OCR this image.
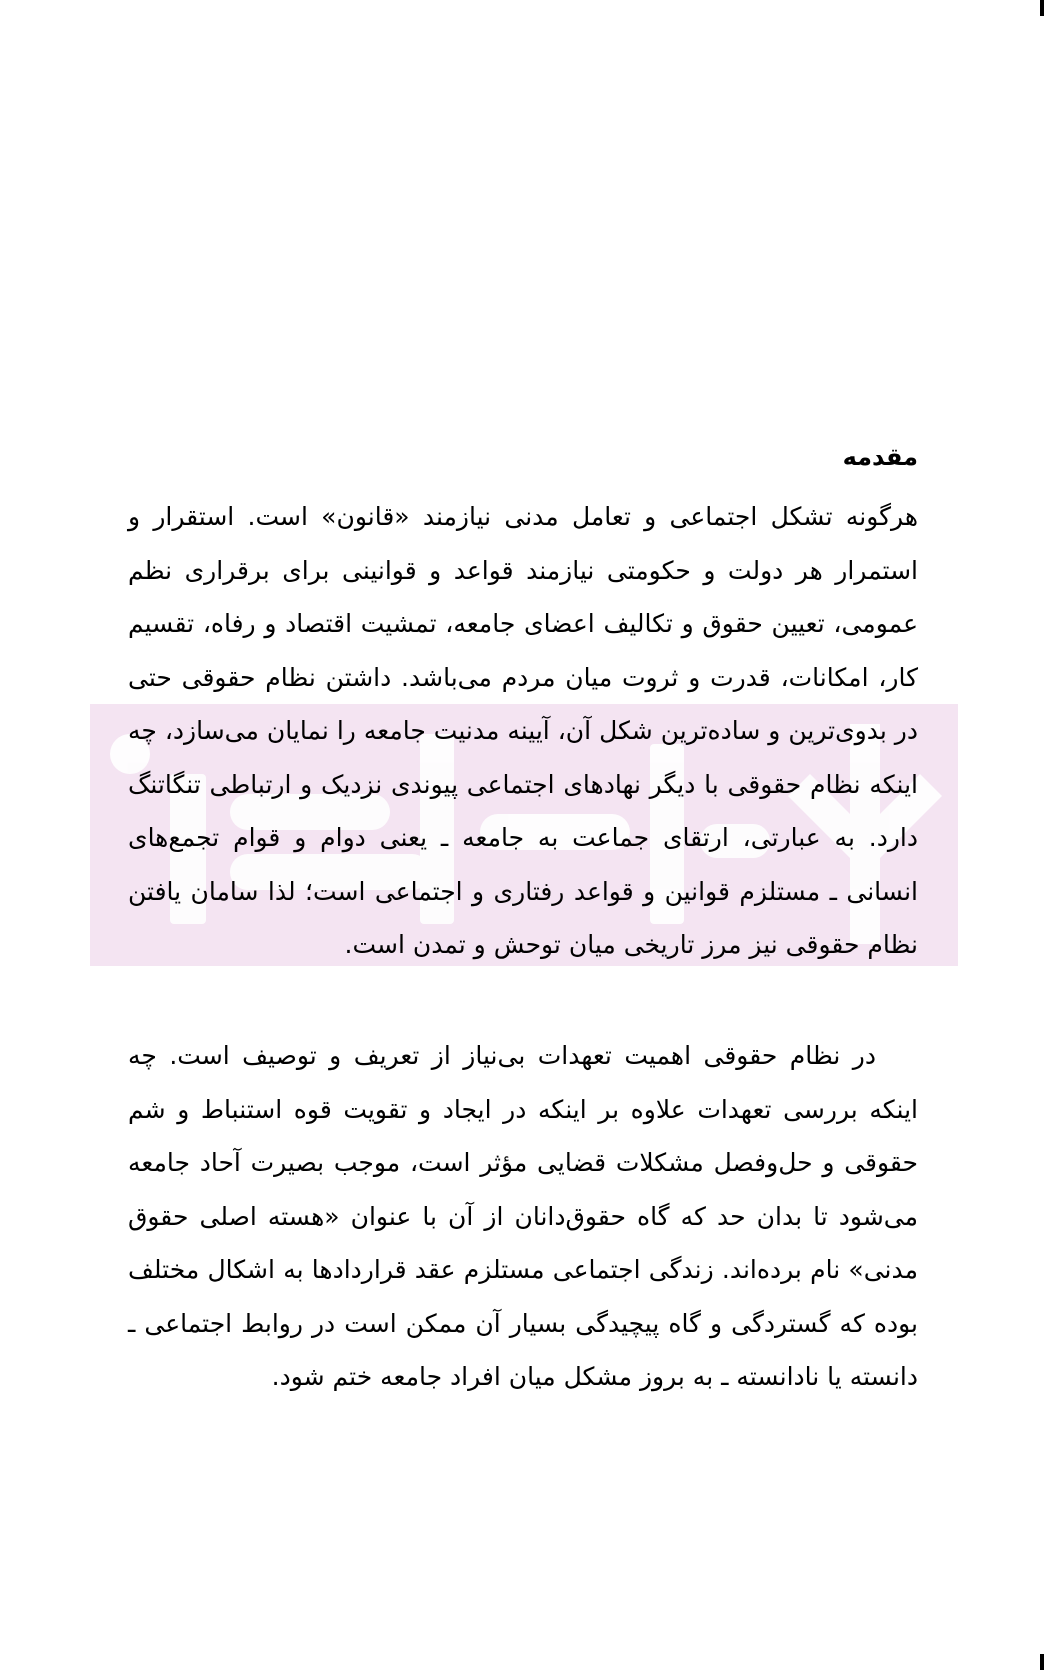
مقدمه

هرگونه تشکل اجتماعی و تعامل مدنی نیازمند «قانون» است. استقرار و استمرار هر دولت و حکومتی نیازمند قواعد و قوانینی برای برقراری نظم عمومی، تعیین حقوق و تکالیف اعضای جامعه، تمشیت اقتصاد و رفاه، تقسیم کار، امکانات، قدرت و ثروت میان مردم می‌باشد. داشتن نظام حقوقی حتی در بدوی‌ترین و ساده‌ترین شکل آن، آیینه مدنیت جامعه را نمایان می‌سازد، چه اینکه نظام حقوقی با دیگر نهادهای اجتماعی پیوندی نزدیک و ارتباطی تنگاتنگ دارد. به عبارتی، ارتقای جماعت به جامعه ـ یعنی دوام و قوام تجمع‌های انسانی ـ مستلزم قوانین و قواعد رفتاری و اجتماعی است؛ لذا سامان یافتن نظام حقوقی نیز مرز تاریخی میان توحش و تمدن است.

در نظام حقوقی اهمیت تعهدات بی‌نیاز از تعریف و توصیف است. چه اینکه بررسی تعهدات علاوه بر اینکه در ایجاد و تقویت قوه استنباط و شم حقوقی و حل‌وفصل مشکلات قضایی مؤثر است، موجب بصیرت آحاد جامعه می‌شود تا بدان حد که گاه حقوق‌دانان از آن با عنوان «هسته اصلی حقوق مدنی» نام برده‌اند. زندگی اجتماعی مستلزم عقد قراردادها به اشکال مختلف بوده که گستردگی و گاه پیچیدگی بسیار آن ممکن است در روابط اجتماعی ـ دانسته یا نادانسته ـ به بروز مشکل میان افراد جامعه ختم شود.
